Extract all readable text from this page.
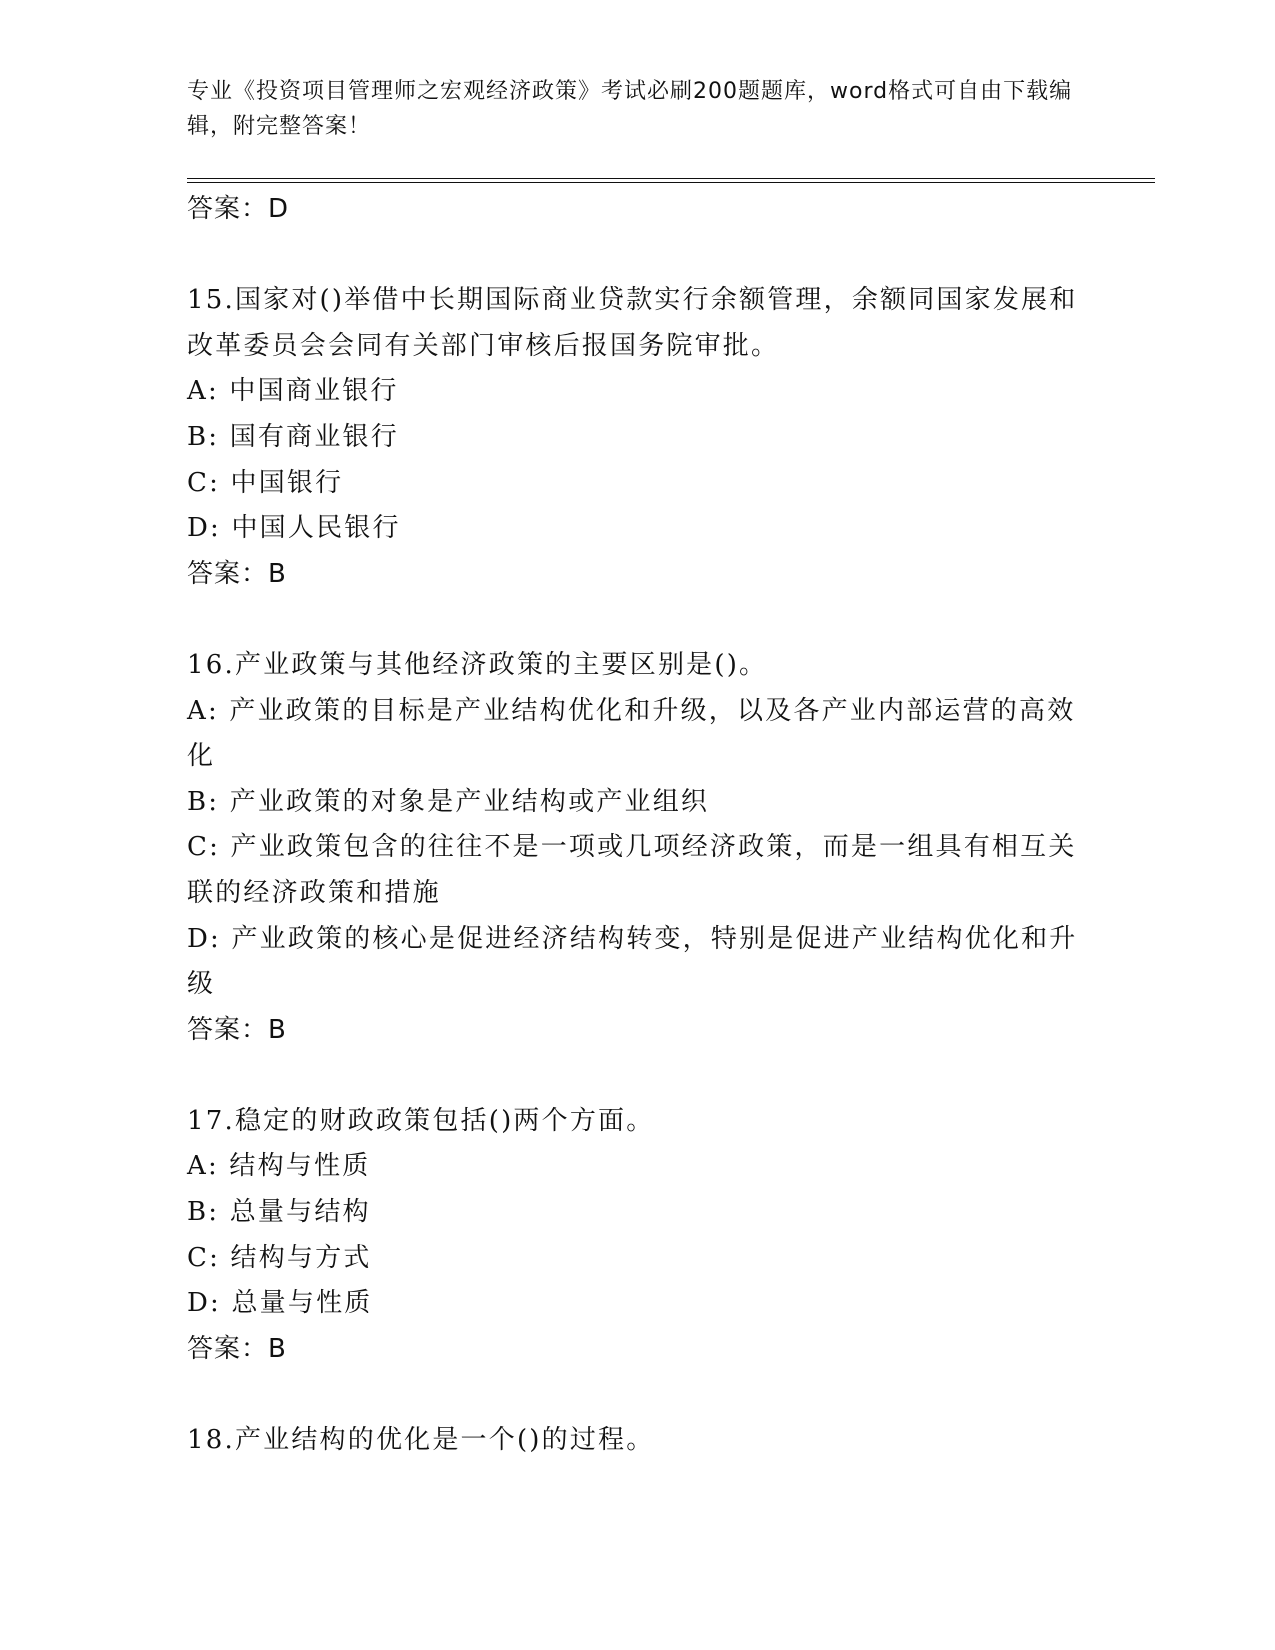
专业《投资项目管理师之宏观经济政策》考试必刷200题题库，word格式可自由下载编辑，附完整答案！
答案：D
15.国家对()举借中长期国际商业贷款实行余额管理，余额同国家发展和改革委员会会同有关部门审核后报国务院审批。
A: 中国商业银行
B: 国有商业银行
C: 中国银行
D: 中国人民银行
答案：B
16.产业政策与其他经济政策的主要区别是()。
A: 产业政策的目标是产业结构优化和升级，以及各产业内部运营的高效化
B: 产业政策的对象是产业结构或产业组织
C: 产业政策包含的往往不是一项或几项经济政策，而是一组具有相互关联的经济政策和措施
D: 产业政策的核心是促进经济结构转变，特别是促进产业结构优化和升级
答案：B
17.稳定的财政政策包括()两个方面。
A: 结构与性质
B: 总量与结构
C: 结构与方式
D: 总量与性质
答案：B
18.产业结构的优化是一个()的过程。
